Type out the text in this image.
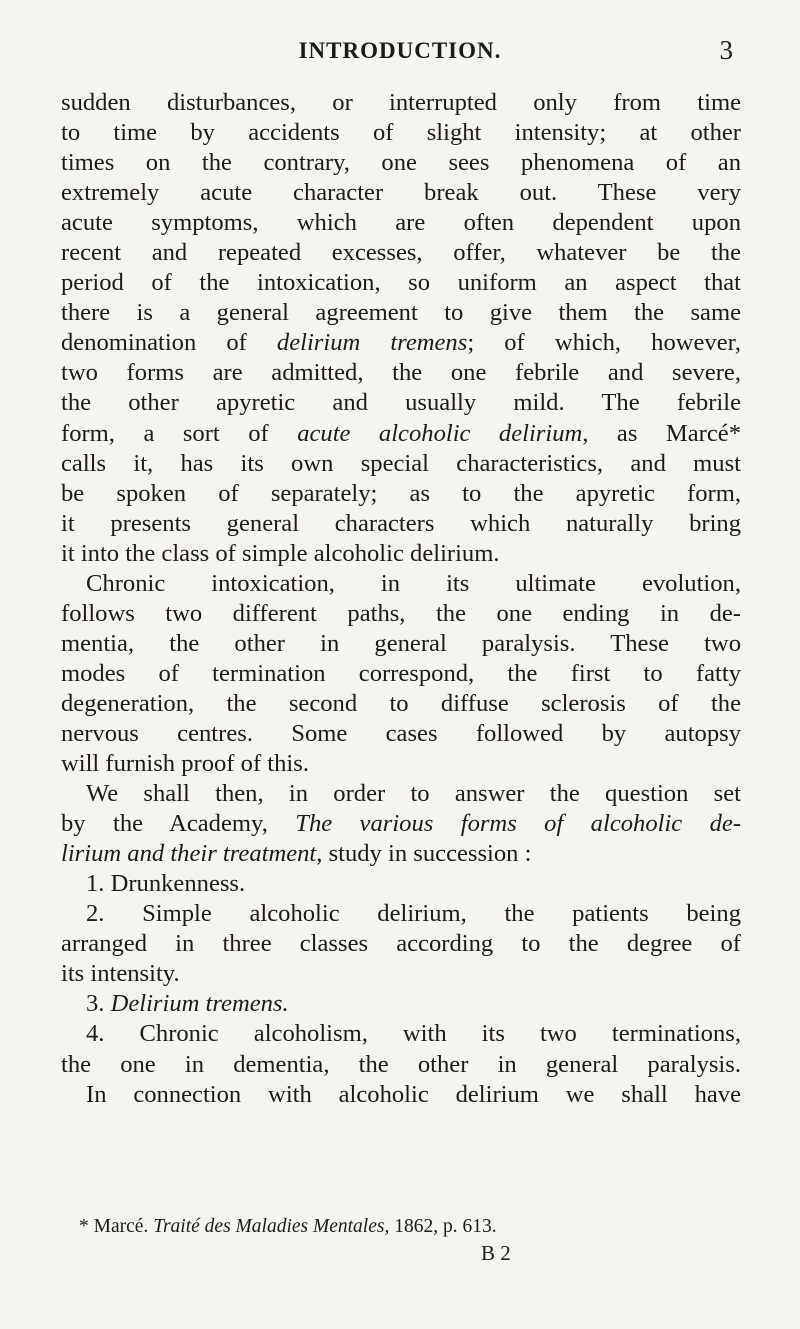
INTRODUCTION.	3
sudden disturbances, or interrupted only from time
to time by accidents of slight intensity; at other
times on the contrary, one sees phenomena of an
extremely acute character break out. These very
acute symptoms, which are often dependent upon
recent and repeated excesses, offer, whatever be the
period of the intoxication, so uniform an aspect that
there is a general agreement to give them the same
denomination of delirium tremens; of which, however,
two forms are admitted, the one febrile and severe,
the other apyretic and usually mild. The febrile
form, a sort of acute alcoholic delirium, as Marcé*
calls it, has its own special characteristics, and must
be spoken of separately; as to the apyretic form,
it presents general characters which naturally bring
it into the class of simple alcoholic delirium.
Chronic intoxication, in its ultimate evolution,
follows two different paths, the one ending in de-
mentia, the other in general paralysis. These two
modes of termination correspond, the first to fatty
degeneration, the second to diffuse sclerosis of the
nervous centres. Some cases followed by autopsy
will furnish proof of this.
We shall then, in order to answer the question set
by the Academy, The various forms of alcoholic de-
lirium and their treatment, study in succession :
1. Drunkenness.
2. Simple alcoholic delirium, the patients being
arranged in three classes according to the degree of
its intensity.
3. Delirium tremens.
4. Chronic alcoholism, with its two terminations,
the one in dementia, the other in general paralysis.
In connection with alcoholic delirium we shall have
* Marcé. Traité des Maladies Mentales, 1862, p. 613.
B 2
